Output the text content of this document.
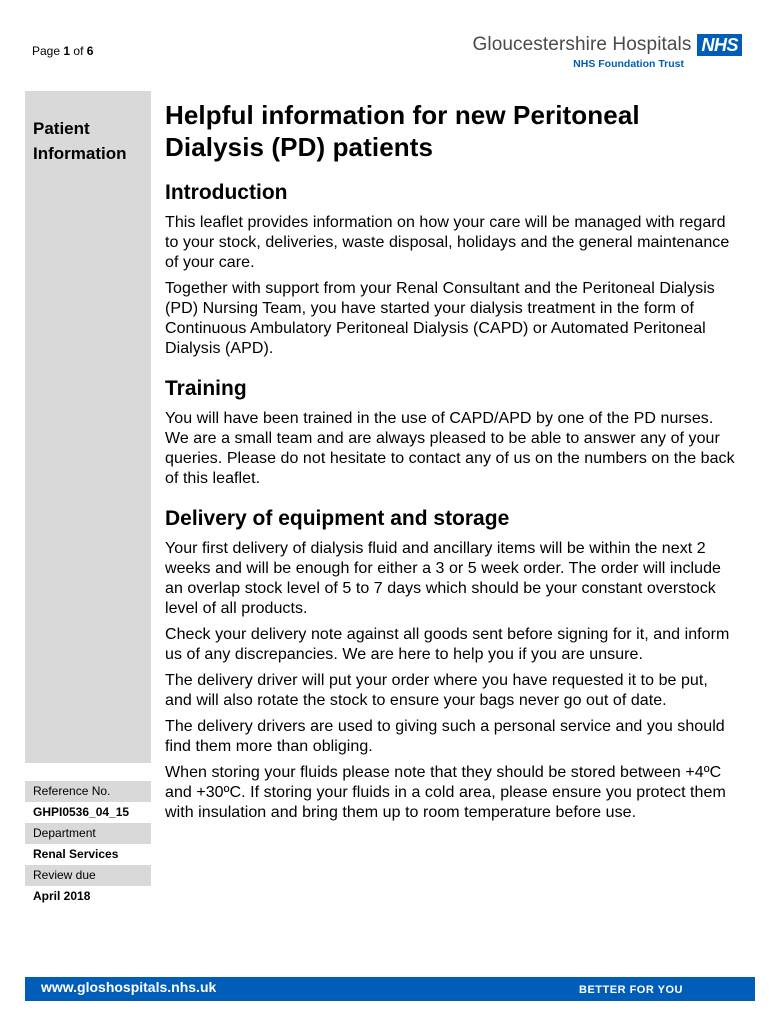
Page 1 of 6	Gloucestershire Hospitals NHS
NHS Foundation Trust
Patient
Information
Reference No.
GHPI0536_04_15
Department
Renal Services
Review due
April 2018
Helpful information for new Peritoneal
Dialysis (PD) patients
Introduction

This leaflet provides information on how your care will be managed with regard to your stock, deliveries, waste disposal, holidays and the general maintenance of your care.

Together with support from your Renal Consultant and the Peritoneal Dialysis (PD) Nursing Team, you have started your dialysis treatment in the form of Continuous Ambulatory Peritoneal Dialysis (CAPD) or Automated Peritoneal Dialysis (APD).

Training

You will have been trained in the use of CAPD/APD by one of the PD nurses. We are a small team and are always pleased to be able to answer any of your queries. Please do not hesitate to contact any of us on the numbers on the back of this leaflet.

Delivery of equipment and storage

Your first delivery of dialysis fluid and ancillary items will be within the next 2 weeks and will be enough for either a 3 or 5 week order. The order will include an overlap stock level of 5 to 7 days which should be your constant overstock level of all products.

Check your delivery note against all goods sent before signing for it, and inform us of any discrepancies. We are here to help you if you are unsure.

The delivery driver will put your order where you have requested it to be put, and will also rotate the stock to ensure your bags never go out of date.

The delivery drivers are used to giving such a personal service and you should find them more than obliging.

When storing your fluids please note that they should be stored between +4ºC and +30ºC. If storing your fluids in a cold area, please ensure you protect them with insulation and bring them up to room temperature before use.

www.gloshospitals.nhs.uk	BETTER FOR YOU
